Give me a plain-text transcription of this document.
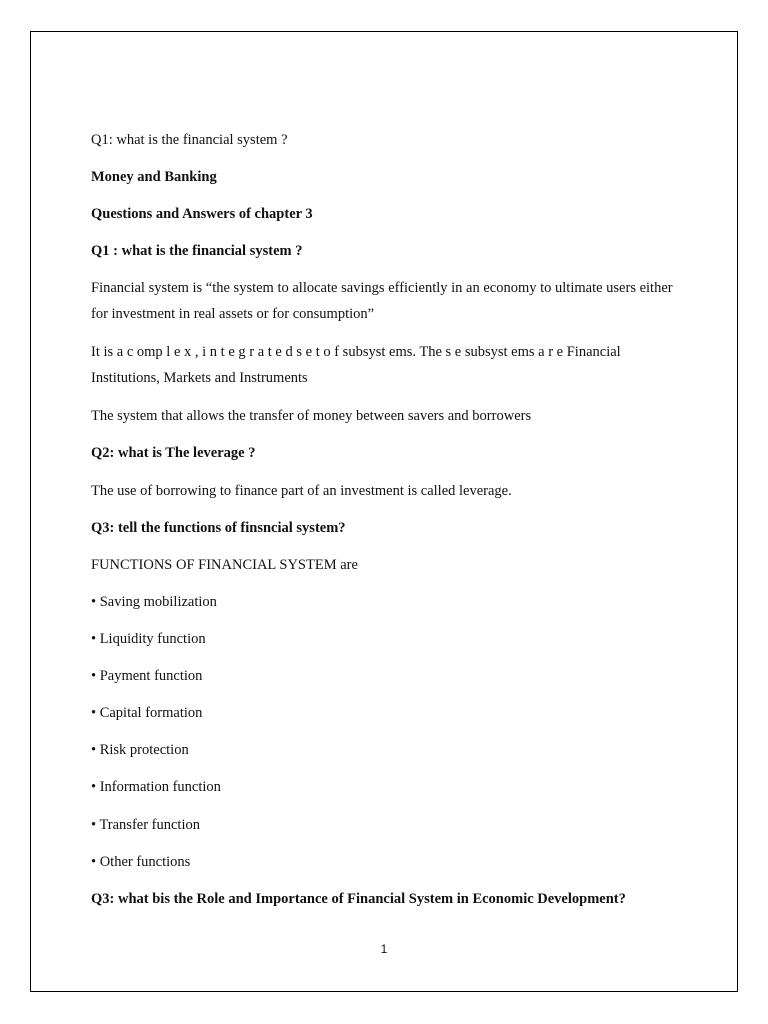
Q1: what is the financial system ?
Money and Banking
Questions and Answers of chapter 3
Q1 : what is the financial system ?
Financial system is “the system to allocate savings efficiently in an economy to ultimate users either for investment in real assets or for consumption”
It is a c omp l e x , i n t e g r a t e d s e t o f subsyst ems. The s e subsyst ems a r e Financial Institutions, Markets and Instruments
The system that allows the transfer of money between savers and borrowers
Q2: what is The leverage ?
The use of borrowing to finance part of an investment is called leverage.
Q3: tell the functions of finsncial system?
FUNCTIONS OF FINANCIAL SYSTEM are
• Saving mobilization
• Liquidity function
• Payment function
• Capital formation
• Risk protection
• Information function
• Transfer function
• Other functions
Q3: what bis the Role and Importance of Financial System in Economic Development?
1
